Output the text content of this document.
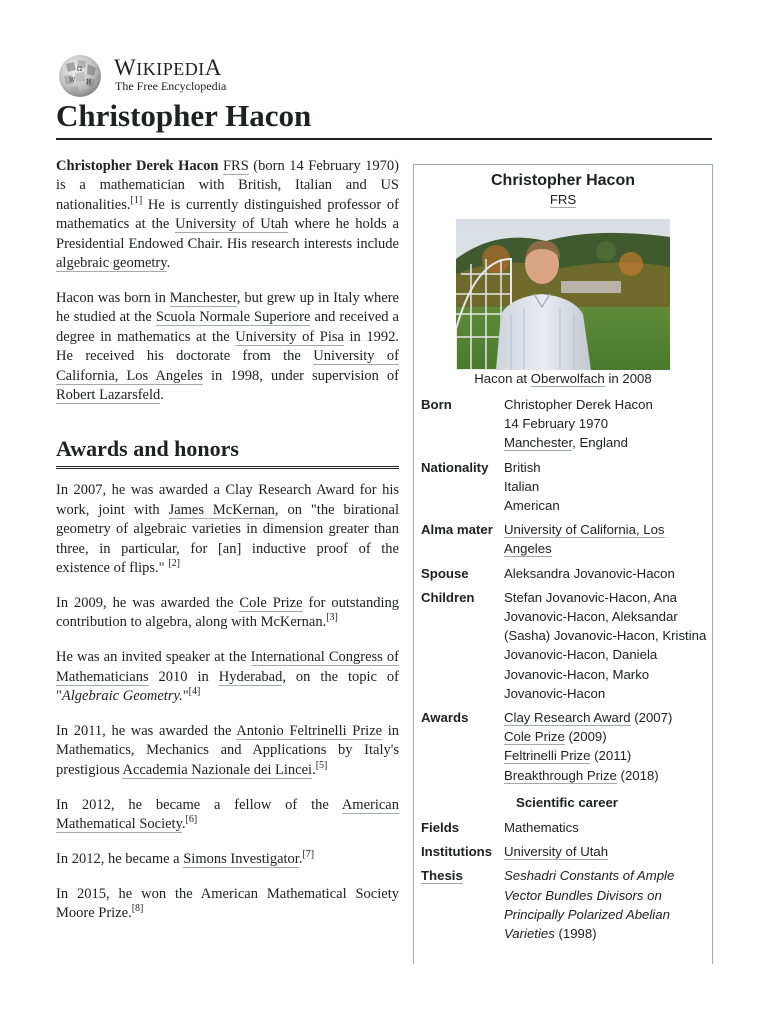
Ω
W И
WIKIPEDIA
The Free Encyclopedia
Christopher Hacon

Christopher Derek Hacon FRS (born 14 February 1970) is a mathematician with British, Italian and US nationalities.[1] He is currently distinguished professor of mathematics at the University of Utah where he holds a Presidential Endowed Chair. His research interests include algebraic geometry.

Hacon was born in Manchester, but grew up in Italy where he studied at the Scuola Normale Superiore and received a degree in mathematics at the University of Pisa in 1992. He received his doctorate from the University of California, Los Angeles in 1998, under supervision of Robert Lazarsfeld.

Awards and honors

In 2007, he was awarded a Clay Research Award for his work, joint with James McKernan, on "the birational geometry of algebraic varieties in dimension greater than three, in particular, for [an] inductive proof of the existence of flips." [2]

In 2009, he was awarded the Cole Prize for outstanding contribution to algebra, along with McKernan.[3]

He was an invited speaker at the International Congress of Mathematicians 2010 in Hyderabad, on the topic of "Algebraic Geometry."[4]

In 2011, he was awarded the Antonio Feltrinelli Prize in Mathematics, Mechanics and Applications by Italy's prestigious Accademia Nazionale dei Lincei.[5]

In 2012, he became a fellow of the American Mathematical Society.[6]

In 2012, he became a Simons Investigator.[7]

In 2015, he won the American Mathematical Society Moore Prize.[8]

Christopher Hacon
FRS
Hacon at Oberwolfach in 2008
Born	Christopher Derek Hacon
14 February 1970
Manchester, England

Nationality	British
Italian
American

Alma mater	University of California, Los Angeles
Spouse	Aleksandra Jovanovic-Hacon
Children	Stefan Jovanovic-Hacon, Ana Jovanovic-Hacon, Aleksandar (Sasha) Jovanovic-Hacon, Kristina Jovanovic-Hacon, Daniela Jovanovic-Hacon, Marko Jovanovic-Hacon
Awards	Clay Research Award (2007)
Cole Prize (2009)
Feltrinelli Prize (2011)
Breakthrough Prize (2018)

Scientific career	
Fields	Mathematics
Institutions	University of Utah
Thesis	Seshadri Constants of Ample Vector Bundles Divisors on Principally Polarized Abelian Varieties (1998)
